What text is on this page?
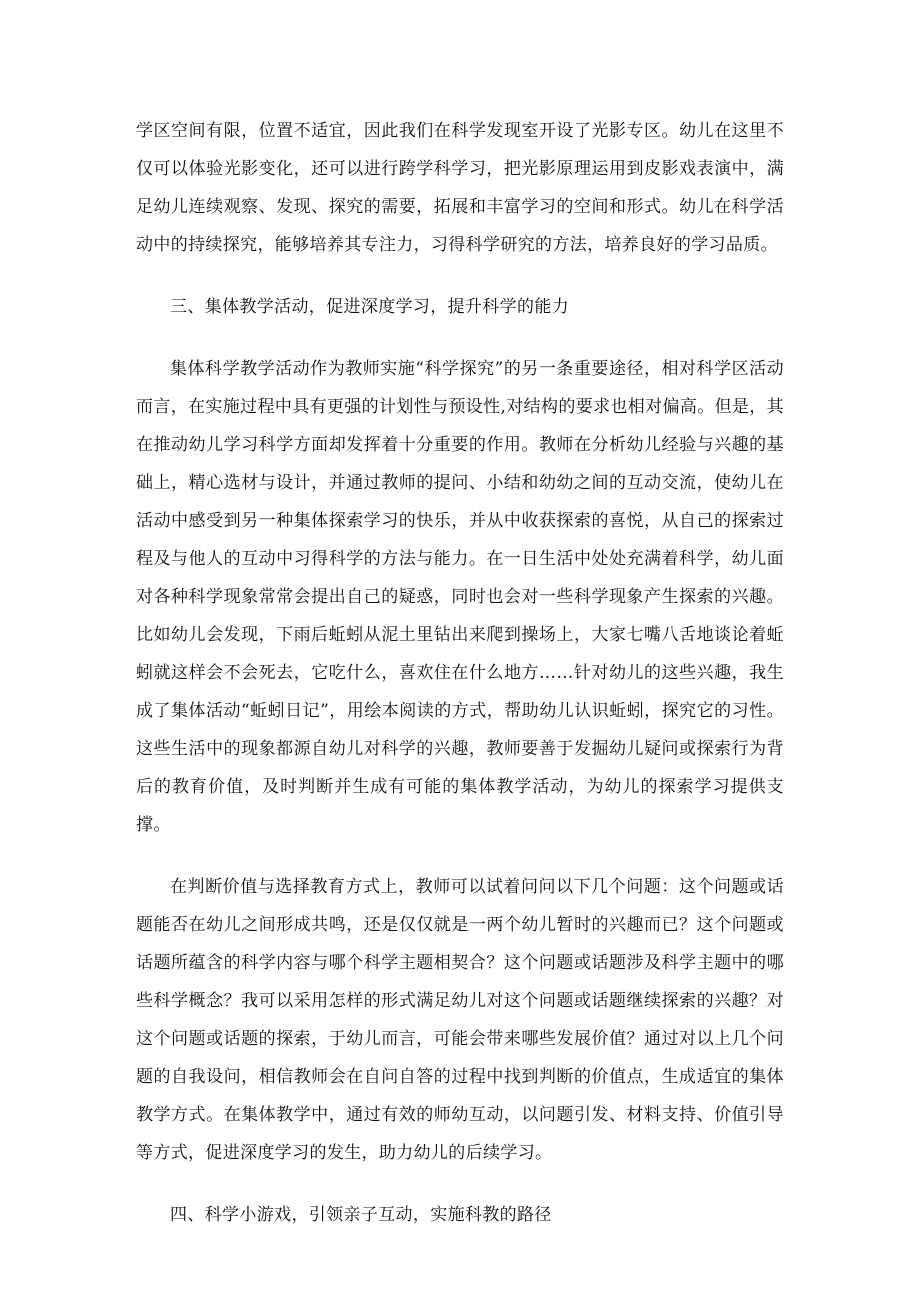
学区空间有限，位置不适宜，因此我们在科学发现室开设了光影专区。幼儿在这里不仅可以体验光影变化，还可以进行跨学科学习，把光影原理运用到皮影戏表演中，满足幼儿连续观察、发现、探究的需要，拓展和丰富学习的空间和形式。幼儿在科学活动中的持续探究，能够培养其专注力，习得科学研究的方法，培养良好的学习品质。

三、集体教学活动，促进深度学习，提升科学的能力

集体科学教学活动作为教师实施“科学探究”的另一条重要途径，相对科学区活动而言，在实施过程中具有更强的计划性与预设性,对结构的要求也相对偏高。但是，其在推动幼儿学习科学方面却发挥着十分重要的作用。教师在分析幼儿经验与兴趣的基础上，精心选材与设计，并通过教师的提问、小结和幼幼之间的互动交流，使幼儿在活动中感受到另一种集体探索学习的快乐，并从中收获探索的喜悦，从自己的探索过程及与他人的互动中习得科学的方法与能力。在一日生活中处处充满着科学，幼儿面对各种科学现象常常会提出自己的疑惑，同时也会对一些科学现象产生探索的兴趣。比如幼儿会发现，下雨后蚯蚓从泥土里钻出来爬到操场上，大家七嘴八舌地谈论着蚯蚓就这样会不会死去，它吃什么，喜欢住在什么地方……针对幼儿的这些兴趣，我生成了集体活动“蚯蚓日记”，用绘本阅读的方式，帮助幼儿认识蚯蚓，探究它的习性。这些生活中的现象都源自幼儿对科学的兴趣，教师要善于发掘幼儿疑问或探索行为背后的教育价值，及时判断并生成有可能的集体教学活动，为幼儿的探索学习提供支撑。

在判断价值与选择教育方式上，教师可以试着问问以下几个问题：这个问题或话题能否在幼儿之间形成共鸣，还是仅仅就是一两个幼儿暂时的兴趣而已？这个问题或话题所蕴含的科学内容与哪个科学主题相契合？这个问题或话题涉及科学主题中的哪些科学概念？我可以采用怎样的形式满足幼儿对这个问题或话题继续探索的兴趣？对这个问题或话题的探索，于幼儿而言，可能会带来哪些发展价值？通过对以上几个问题的自我设问，相信教师会在自问自答的过程中找到判断的价值点，生成适宜的集体教学方式。在集体教学中，通过有效的师幼互动，以问题引发、材料支持、价值引导等方式，促进深度学习的发生，助力幼儿的后续学习。

四、科学小游戏，引领亲子互动，实施科教的路径
